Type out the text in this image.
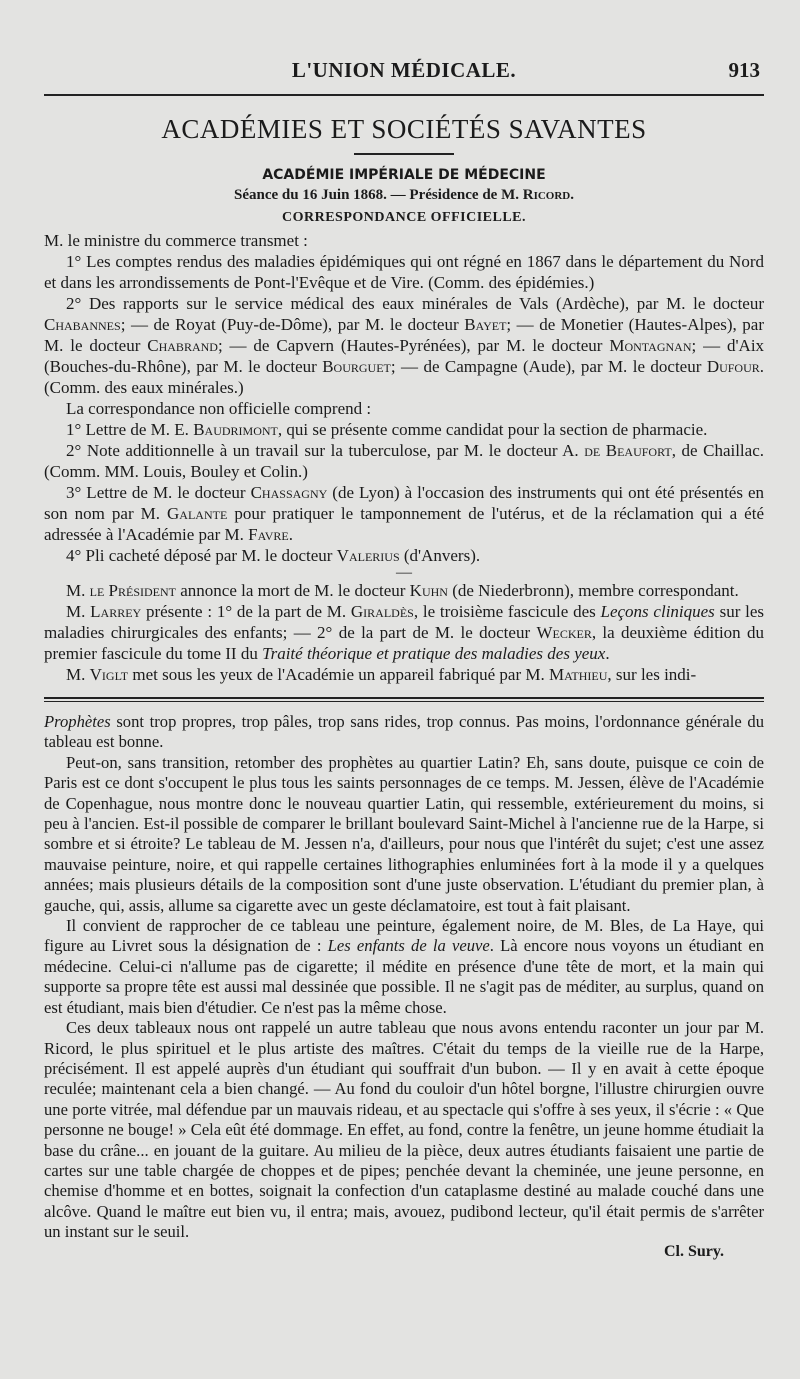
L'UNION MÉDICALE.	913
ACADÉMIES ET SOCIÉTÉS SAVANTES
ACADÉMIE IMPÉRIALE DE MÉDECINE
Séance du 16 Juin 1868. — Présidence de M. Ricord.
CORRESPONDANCE OFFICIELLE.

M. le ministre du commerce transmet :

1° Les comptes rendus des maladies épidémiques qui ont régné en 1867 dans le département du Nord et dans les arrondissements de Pont-l'Evêque et de Vire. (Comm. des épidémies.)

2° Des rapports sur le service médical des eaux minérales de Vals (Ardèche), par M. le docteur Chabannes; — de Royat (Puy-de-Dôme), par M. le docteur Bayet; — de Monetier (Hautes-Alpes), par M. le docteur Chabrand; — de Capvern (Hautes-Pyrénées), par M. le docteur Montagnan; — d'Aix (Bouches-du-Rhône), par M. le docteur Bourguet; — de Campagne (Aude), par M. le docteur Dufour. (Comm. des eaux minérales.)

La correspondance non officielle comprend :

1° Lettre de M. E. Baudrimont, qui se présente comme candidat pour la section de pharmacie.

2° Note additionnelle à un travail sur la tuberculose, par M. le docteur A. de Beaufort, de Chaillac. (Comm. MM. Louis, Bouley et Colin.)

3° Lettre de M. le docteur Chassagny (de Lyon) à l'occasion des instruments qui ont été présentés en son nom par M. Galante pour pratiquer le tamponnement de l'utérus, et de la réclamation qui a été adressée à l'Académie par M. Favre.

4° Pli cacheté déposé par M. le docteur Valerius (d'Anvers).

—

M. le Président annonce la mort de M. le docteur Kuhn (de Niederbronn), membre correspondant.

M. Larrey présente : 1° de la part de M. Giraldès, le troisième fascicule des Leçons cliniques sur les maladies chirurgicales des enfants; — 2° de la part de M. le docteur Wecker, la deuxième édition du premier fascicule du tome II du Traité théorique et pratique des maladies des yeux.

M. Viglt met sous les yeux de l'Académie un appareil fabriqué par M. Mathieu, sur les indi-

Prophètes sont trop propres, trop pâles, trop sans rides, trop connus. Pas moins, l'ordonnance générale du tableau est bonne.

Peut-on, sans transition, retomber des prophètes au quartier Latin? Eh, sans doute, puisque ce coin de Paris est ce dont s'occupent le plus tous les saints personnages de ce temps. M. Jessen, élève de l'Académie de Copenhague, nous montre donc le nouveau quartier Latin, qui ressemble, extérieurement du moins, si peu à l'ancien. Est-il possible de comparer le brillant boulevard Saint-Michel à l'ancienne rue de la Harpe, si sombre et si étroite? Le tableau de M. Jessen n'a, d'ailleurs, pour nous que l'intérêt du sujet; c'est une assez mauvaise peinture, noire, et qui rappelle certaines lithographies enluminées fort à la mode il y a quelques années; mais plusieurs détails de la composition sont d'une juste observation. L'étudiant du premier plan, à gauche, qui, assis, allume sa cigarette avec un geste déclamatoire, est tout à fait plaisant.

Il convient de rapprocher de ce tableau une peinture, également noire, de M. Bles, de La Haye, qui figure au Livret sous la désignation de : Les enfants de la veuve. Là encore nous voyons un étudiant en médecine. Celui-ci n'allume pas de cigarette; il médite en présence d'une tête de mort, et la main qui supporte sa propre tête est aussi mal dessinée que possible. Il ne s'agit pas de méditer, au surplus, quand on est étudiant, mais bien d'étudier. Ce n'est pas la même chose.

Ces deux tableaux nous ont rappelé un autre tableau que nous avons entendu raconter un jour par M. Ricord, le plus spirituel et le plus artiste des maîtres. C'était du temps de la vieille rue de la Harpe, précisément. Il est appelé auprès d'un étudiant qui souffrait d'un bubon. — Il y en avait à cette époque reculée; maintenant cela a bien changé. — Au fond du couloir d'un hôtel borgne, l'illustre chirurgien ouvre une porte vitrée, mal défendue par un mauvais rideau, et au spectacle qui s'offre à ses yeux, il s'écrie : « Que personne ne bouge! » Cela eût été dommage. En effet, au fond, contre la fenêtre, un jeune homme étudiait la base du crâne... en jouant de la guitare. Au milieu de la pièce, deux autres étudiants faisaient une partie de cartes sur une table chargée de choppes et de pipes; penchée devant la cheminée, une jeune personne, en chemise d'homme et en bottes, soignait la confection d'un cataplasme destiné au malade couché dans une alcôve. Quand le maître eut bien vu, il entra; mais, avouez, pudibond lecteur, qu'il était permis de s'arrêter un instant sur le seuil.

Cl. Sury.
